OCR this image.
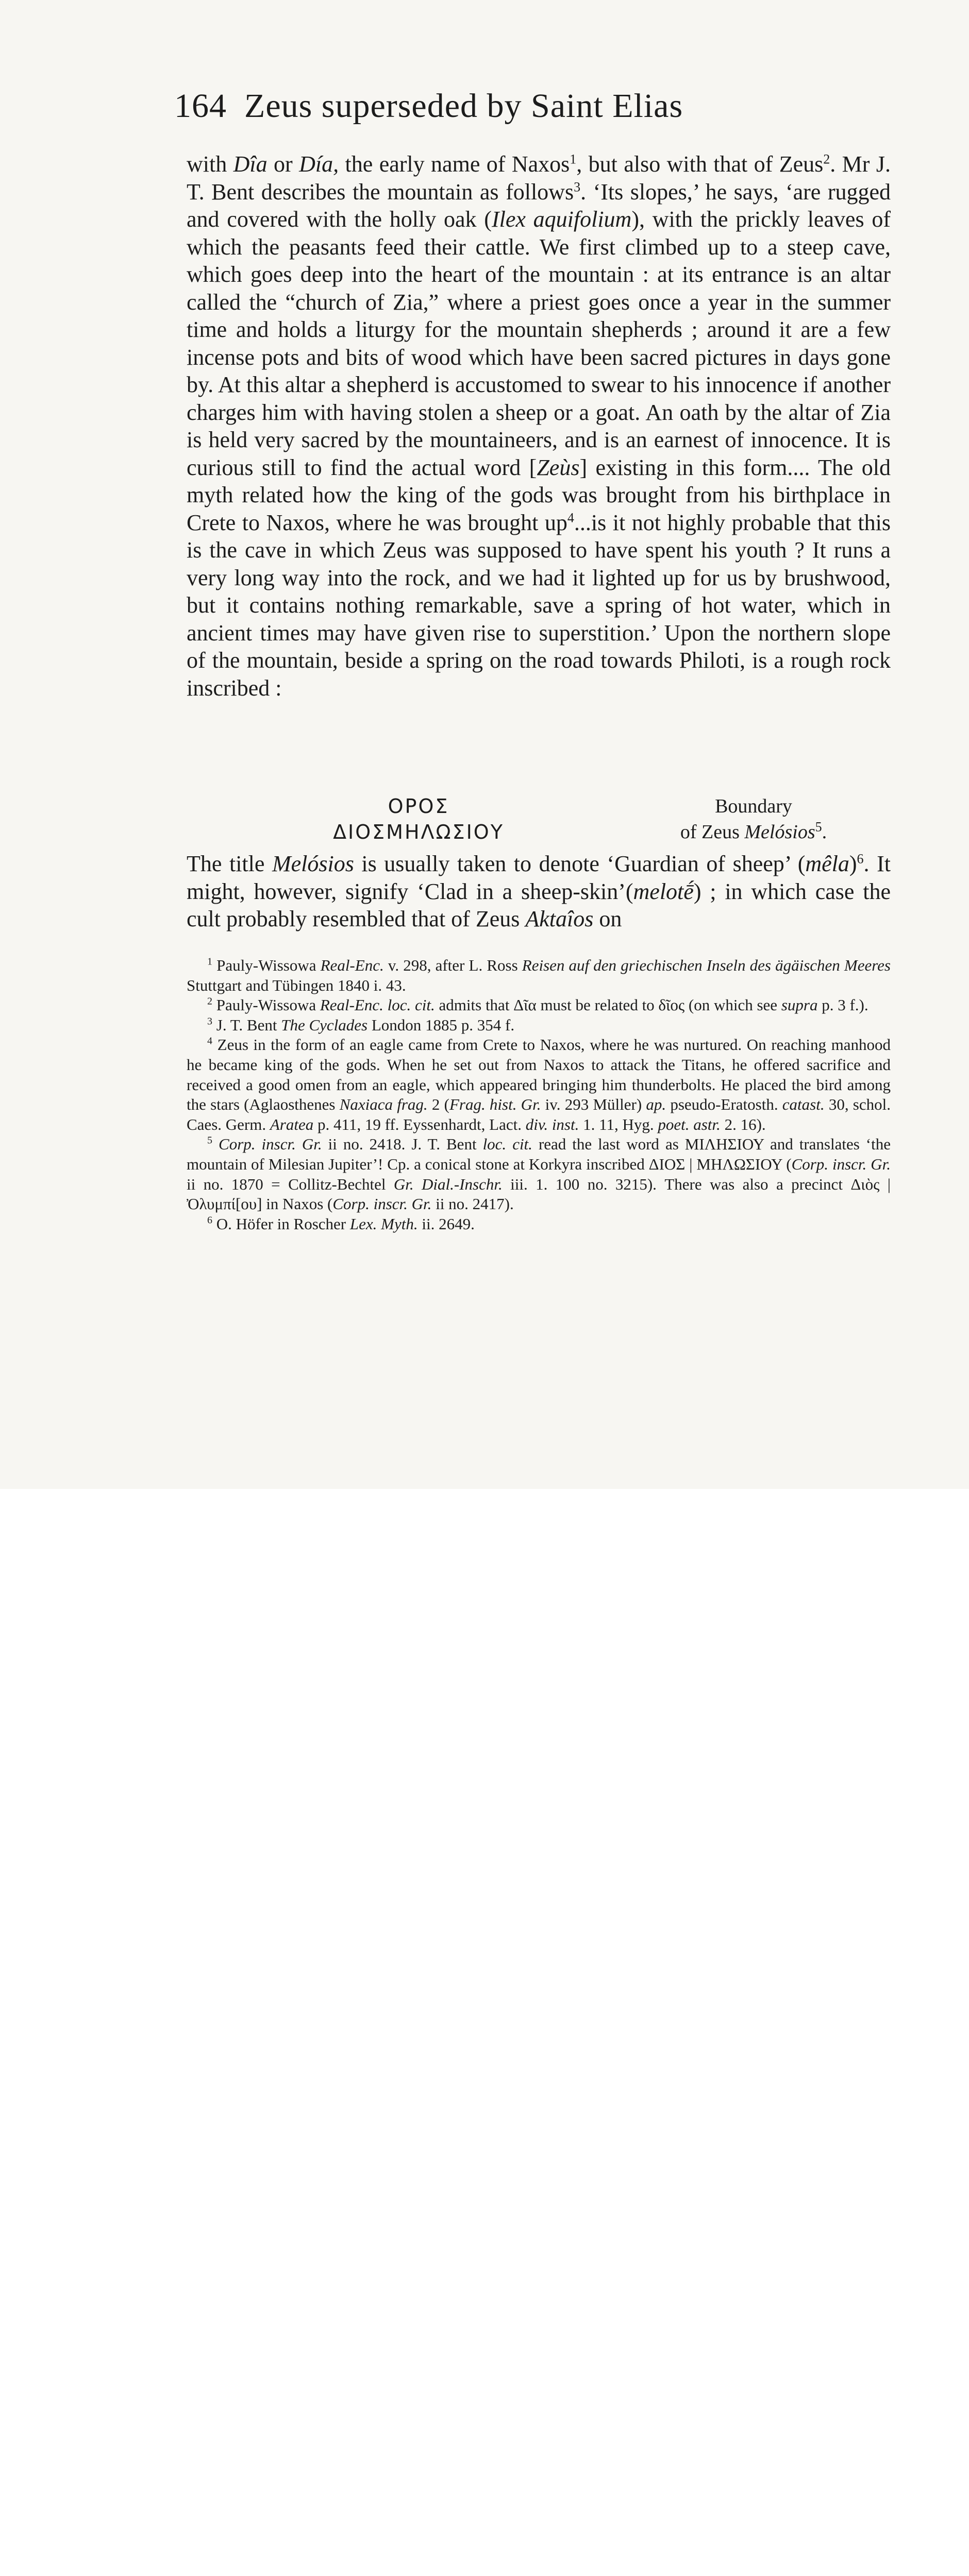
164 Zeus superseded by Saint Elias

with Dîa or Día, the early name of Naxos$^1$, but also with that of Zeus$^2$. Mr J. T. Bent describes the mountain as follows$^3$. ‘Its slopes,’ he says, ‘are rugged and covered with the holly oak (Ilex aquifolium), with the prickly leaves of which the peasants feed their cattle. We first climbed up to a steep cave, which goes deep into the heart of the mountain : at its entrance is an altar called the “church of Zia,” where a priest goes once a year in the summer time and holds a liturgy for the mountain shepherds ; around it are a few incense pots and bits of wood which have been sacred pictures in days gone by. At this altar a shepherd is accustomed to swear to his innocence if another charges him with having stolen a sheep or a goat. An oath by the altar of Zia is held very sacred by the mountaineers, and is an earnest of innocence. It is curious still to find the actual word [Zeùs] existing in this form.... The old myth related how the king of the gods was brought from his birthplace in Crete to Naxos, where he was brought $up^4...is$ it not highly probable that this is the cave in which Zeus was supposed to have spent his youth ? It runs a very long way into the rock, and we had it lighted up for us by brushwood, but it contains nothing remarkable, save a spring of hot water, which in ancient times may have given rise to superstition.’ Upon the northern slope of the mountain, beside a spring on the road towards Philoti, is a rough rock inscribed :

ΟΡΟΣ
ΔΙΟΣΜΗΛΩΣΙΟΥ
Boundary
of Zeus Melósios$^5$.

The title Melósios is usually taken to denote ‘Guardian of sheep’ (mêla)$^6$. It might, however, signify ‘Clad in a sheep-skin’(melotḗ) ; in which case the cult probably resembled that of Zeus Aktaîos on

$^1$ Pauly-Wissowa Real-Enc. v. 298, after L. Ross Reisen auf den griechischen Inseln des ägäischen Meeres Stuttgart and Tübingen 1840 i. 43.

$^2$ Pauly-Wissowa Real-Enc. loc. cit. admits that Δῖα must be related to δῖος (on which see supra p. 3 f.).

$^3$ J. T. Bent The Cyclades London 1885 p. 354 f.

$^4$ Zeus in the form of an eagle came from Crete to Naxos, where he was nurtured. On reaching manhood he became king of the gods. When he set out from Naxos to attack the Titans, he offered sacrifice and received a good omen from an eagle, which appeared bringing him thunderbolts. He placed the bird among the stars (Aglaosthenes Naxiaca frag. 2 (Frag. hist. Gr. iv. 293 Müller) ap. pseudo-Eratosth. catast. 30, schol. Caes. Germ. Aratea p. 411, 19 ff. Eyssenhardt, Lact. div. inst. 1. 11, Hyg. poet. astr. 2. 16).

$^5$ Corp. inscr. Gr. ii no. 2418. J. T. Bent loc. cit. read the last word as ΜΙΛΗΣΙΟΥ and translates ‘the mountain of Milesian Jupiter’! Cp. a conical stone at Korkyra inscribed ΔΙΟΣ | ΜΗΛΩΣΙΟΥ (Corp. inscr. Gr. ii no. 1870 = Collitz-Bechtel Gr. Dial.-Inschr. iii. 1. 100 no. 3215). There was also a precinct Διὸς | Ὀλυμπί[ου] in Naxos (Corp. inscr. Gr. ii no. 2417).

$^6$ O. Höfer in Roscher Lex. Myth. ii. 2649.
